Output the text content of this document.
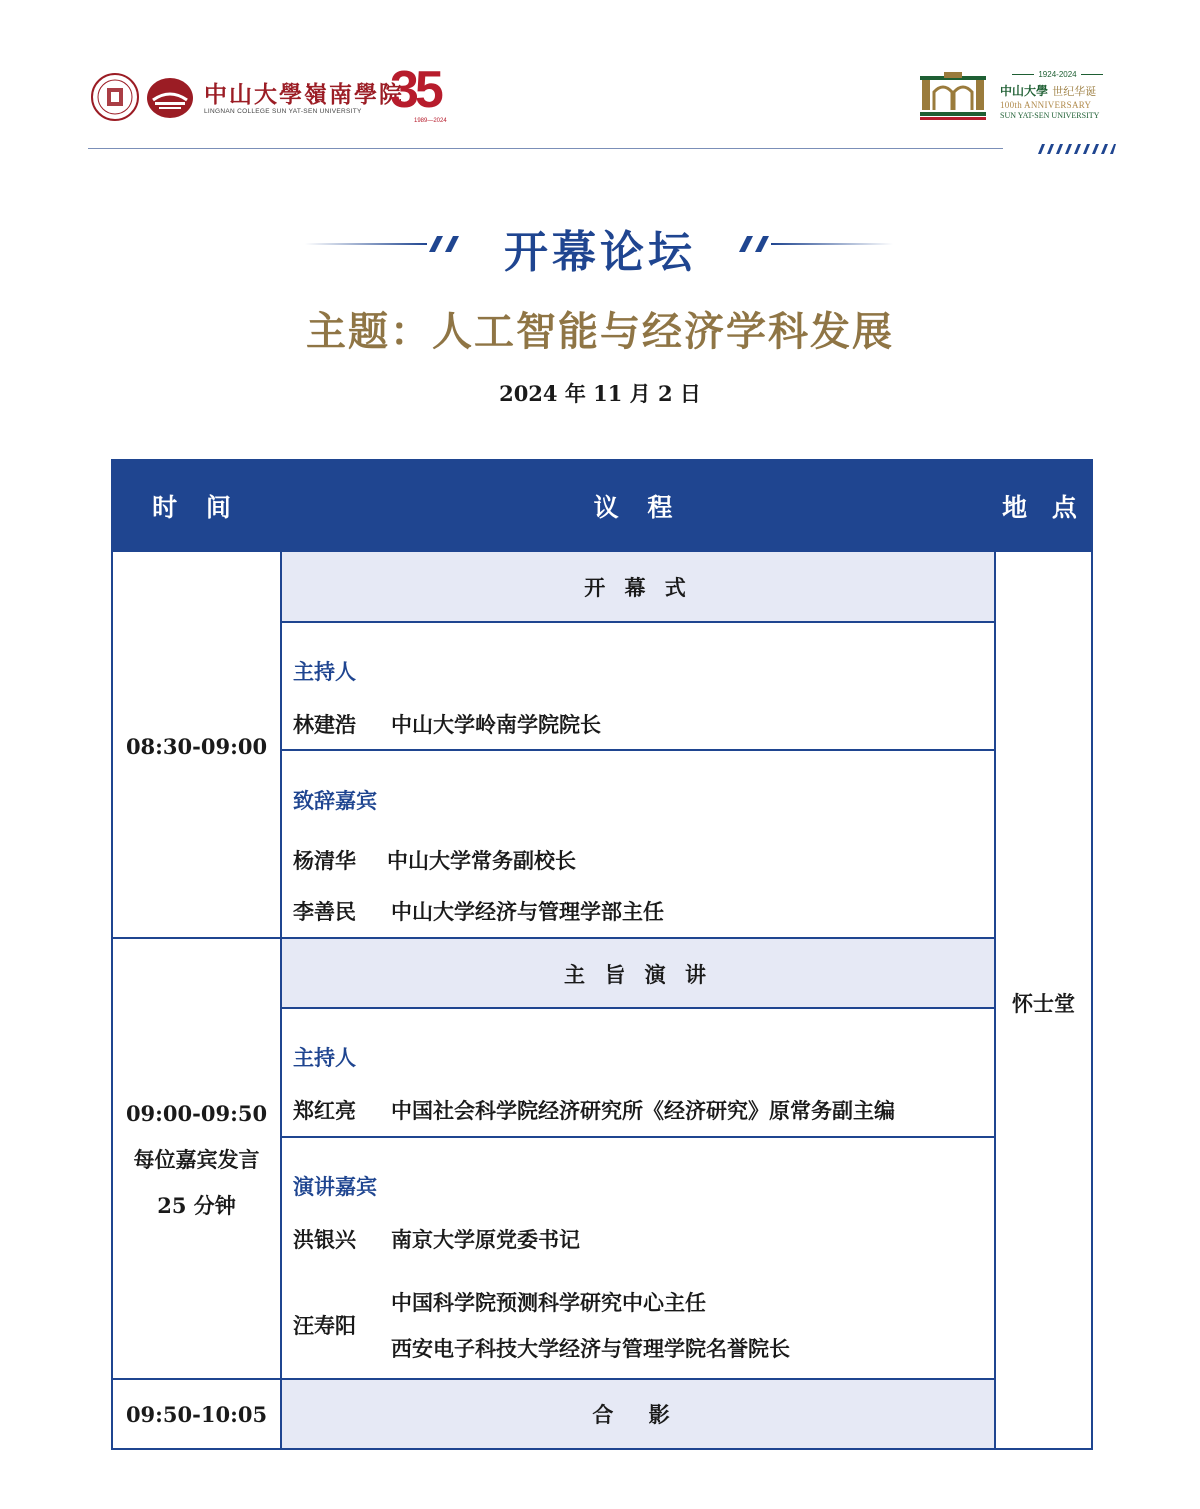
中山大學嶺南學院
LINGNAN COLLEGE SUN YAT-SEN UNIVERSITY 35
1989—2024
1924-2024
中山大學 世纪华诞
100th ANNIVERSARY
SUN YAT-SEN UNIVERSITY
开幕论坛
主题：人工智能与经济学科发展
2024 年 11 月 2 日
时 间	议 程	地 点
08:30-09:00
开 幕 式
主持人
林建浩 中山大学岭南学院院长
致辞嘉宾
杨清华 中山大学常务副校长
李善民 中山大学经济与管理学部主任
09:00-09:50
每位嘉宾发言
25 分钟
主 旨 演 讲
主持人
郑红亮 中国社会科学院经济研究所《经济研究》原常务副主编
演讲嘉宾
洪银兴 南京大学原党委书记
汪寿阳
中国科学院预测科学研究中心主任
西安电子科技大学经济与管理学院名誉院长
09:50-10:05	合 影
怀士堂
